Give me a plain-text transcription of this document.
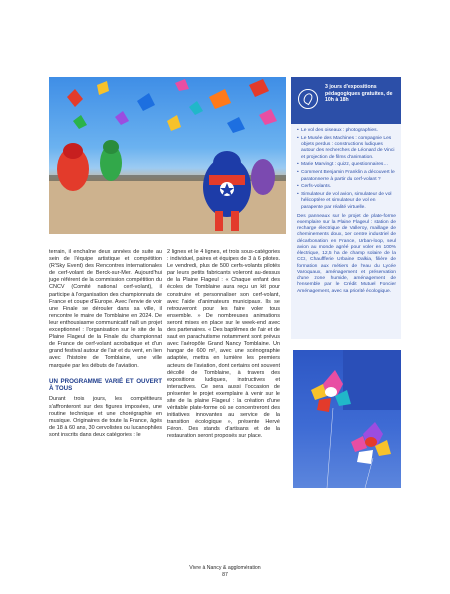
3 jours d'expositions pédagogiques gratuites, de 10h à 18h
• Le vol des oiseaux : photographies.
• Le Musée des Machines : compagnie Les objets perdus : constructions ludiques autour des recherches de Léonard de Vinci et projection de films d'animation.
• Marie Marvingt : quizz, questionnaires…
• Comment Benjamin Franklin a découvert le paratonnerre à partir du cerf-volant ?
• Cerfs-volants.
• Simulateur de vol avion, simulateur de vol hélicoptère et simulateur de vol en parapente par réalité virtuelle.
Des panneaux sur le projet de plate-forme exemplaire sur la Plaine Flageul : station de recharge électrique de Valleroy, maillage de cheminements doux, 1er centre industriel de décarbonation en France, Urban-loop, seul avion au monde agréé pour voler en 100% électrique, 12,5 ha de champ solaire de la CCI, Chauffferie Urbaine Dalkia, filière de formation aux métiers de l'eau du Lycée Varoquaux, aménagement et préservation d'une zone humide, aménagement de l'ensemble par le Crédit Mutuel Foncier Aménagement, avec sa priorité écologique.

terrain, il enchaîne deux années de suite au sein de l'équipe artistique et compétition (R'Sky Event) des Rencontres internationales de cerf-volant de Berck-sur-Mer. Aujourd'hui juge référent de la commission compétition du CNCV (Comité national cerf-volant), il participe à l'organisation des championnats de France et coupe d'Europe. Avec l'envie de voir une Finale se dérouler dans sa ville, il rencontre le maire de Tomblaine en 2024. De leur enthousiasme communicatif naît un projet exceptionnel : l'organisation sur le site de la Plaine Flageul de la Finale du championnat de France de cerf-volant acrobatique et d'un grand festival autour de l'air et du vent, en lien avec l'histoire de Tomblaine, une ville marquée par les débuts de l'aviation.

UN PROGRAMME VARIÉ ET OUVERT À TOUS

Durant trois jours, les compétiteurs s'affronteront sur des figures imposées, une routine technique et une chorégraphie en musique. Originaires de toute la France, âgés de 18 à 60 ans, 30 cervolistes ou lucanophiles sont inscrits dans deux catégories : le

2 lignes et le 4 lignes, et trois sous-catégories : individuel, paires et équipes de 3 à 6 pilotes. Le vendredi, plus de 500 cerfs-volants pilotés par leurs petits fabricants voleront au-dessus de la Plaine Flageul : « Chaque enfant des écoles de Tomblaine aura reçu un kit pour construire et personnaliser son cerf-volant, avec l'aide d'animateurs municipaux. Ils se retrouveront pour les faire voler tous ensemble. » De nombreuses animations seront mises en place sur le week-end avec des partenaires. « Des baptêmes de l'air et de saut en parachutisme notamment sont prévus avec l'aéropôle Grand Nancy Tomblaine. Un hangar de 600 m², avec une scénographie adaptée, mettra en lumière les premiers acteurs de l'aviation, dont certains ont souvent décollé de Tomblaine, à travers des expositions ludiques, instructives et interactives. Ce sera aussi l'occasion de présenter le projet exemplaire à venir sur le site de la plaine Flageul : la création d'une véritable plate-forme où se concentreront des initiatives innovantes au service de la transition écologique », présente Hervé Féron. Des stands d'artisans et de la restauration seront proposés sur place.

Vivre à Nancy & agglomération
87
